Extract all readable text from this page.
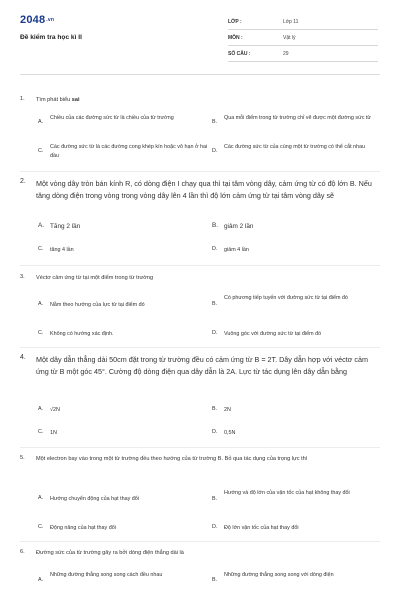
2048.vn
Đề kiểm tra học kì II
LỚP :	Lớp 11
MÔN :	Vật lý
SỐ CÂU :	29
1. Tìm phát biểu sai
A.
Chiều của các đường sức từ là chiều của từ trường
B.
Qua mỗi điểm trong từ trường chỉ vẽ được một đường sức từ
C.
Các đường sức từ là các đường cong khép kín hoặc vô hạn ở hai đầu
D.
Các đường sức từ của cùng một từ trường có thể cắt nhau
2. Một vòng dây tròn bán kính R, có dòng điện I chạy qua thì tại tâm vòng dây, cảm ứng từ có độ lớn B. Nếu tăng dòng điện trong vòng trong vòng dây lên 4 lần thì độ lớn cảm ứng từ tại tâm vòng dây sẽ
A. Tăng 2 lần	B. giảm 2 lần
C. tăng 4 lần	D. giảm 4 lần
3. Véctơ cảm ứng từ tại một điểm trong từ trường
A. Nằm theo hướng của lực từ tại điểm đó	B.
Có phương tiếp tuyến với đường sức từ tại điểm đó
C. Không có hướng xác định.	D. Vuông góc với đường sức từ tại điểm đó
4. Một dây dẫn thẳng dài 50cm đặt trong từ trường đều có cảm ứng từ B = 2T. Dây dẫn hợp với véctơ cảm ứng từ B một góc 45°. Cường độ dòng điện qua dây dẫn là 2A. Lực từ tác dụng lên dây dẫn bằng
A. √2N	B. 2N
C. 1N	D. 0,5N
5. Một electron bay vào trong một từ trường đều theo hướng của từ trường B. Bỏ qua tác dụng của trọng lực thì
A. Hướng chuyển động của hạt thay đổi	B.
Hướng và độ lớn của vận tốc của hạt không thay đổi
C. Động năng của hạt thay đổi	D. Độ lớn vận tốc của hạt thay đổi
6. Đường sức của từ trường gây ra bởi dòng điện thẳng dài là
A.
Những đường thẳng song song cách đều nhau
B.
Những đường thẳng song song với dòng điện
